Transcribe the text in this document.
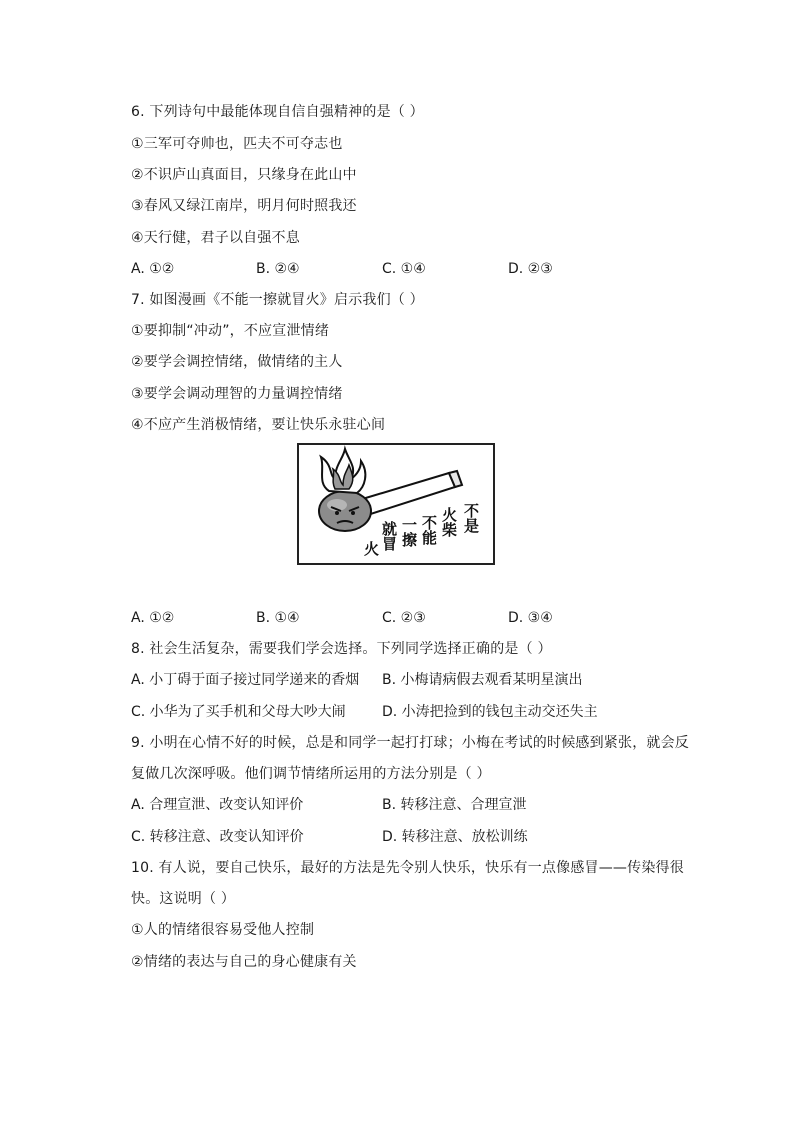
6. 下列诗句中最能体现自信自强精神的是（ ）
①三军可夺帅也，匹夫不可夺志也
②不识庐山真面目，只缘身在此山中
③春风又绿江南岸，明月何时照我还
④天行健，君子以自强不息
A. ①②	B. ②④	C. ①④	D. ②③
7. 如图漫画《不能一擦就冒火》启示我们（ ）
①要抑制“冲动”，不应宣泄情绪
②要学会调控情绪，做情绪的主人
③要学会调动理智的力量调控情绪
④不应产生消极情绪，要让快乐永驻心间
不是
火柴
不能
一擦
就冒
火
A. ①②	B. ①④	C. ②③	D. ③④
8. 社会生活复杂，需要我们学会选择。下列同学选择正确的是（ ）
A. 小丁碍于面子接过同学递来的香烟 B. 小梅请病假去观看某明星演出
C. 小华为了买手机和父母大吵大闹	D. 小涛把捡到的钱包主动交还失主
9. 小明在心情不好的时候，总是和同学一起打打球；小梅在考试的时候感到紧张，就会反
复做几次深呼吸。他们调节情绪所运用的方法分别是（ ）
A. 合理宣泄、改变认知评价	B. 转移注意、合理宣泄
C. 转移注意、改变认知评价	D. 转移注意、放松训练
10. 有人说，要自己快乐，最好的方法是先令别人快乐，快乐有一点像感冒——传染得很
快。这说明（ ）
①人的情绪很容易受他人控制
②情绪的表达与自己的身心健康有关
